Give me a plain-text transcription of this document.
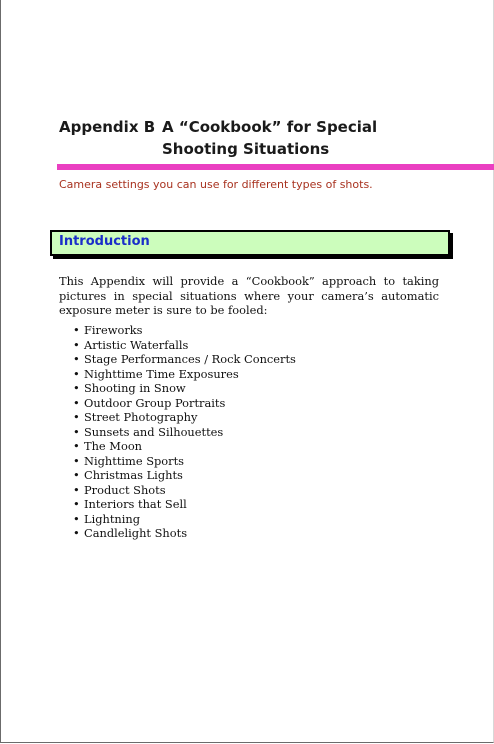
Appendix B A “Cookbook” for Special
Shooting Situations
Camera settings you can use for different types of shots.
Introduction

This Appendix will provide a “Cookbook” approach to taking pictures in special situations where your camera’s automatic exposure meter is sure to be fooled:

• Fireworks
• Artistic Waterfalls
• Stage Performances / Rock Concerts
• Nighttime Time Exposures
• Shooting in Snow
• Outdoor Group Portraits
• Street Photography
• Sunsets and Silhouettes
• The Moon
• Nighttime Sports
• Christmas Lights
• Product Shots
• Interiors that Sell
• Lightning
• Candlelight Shots
